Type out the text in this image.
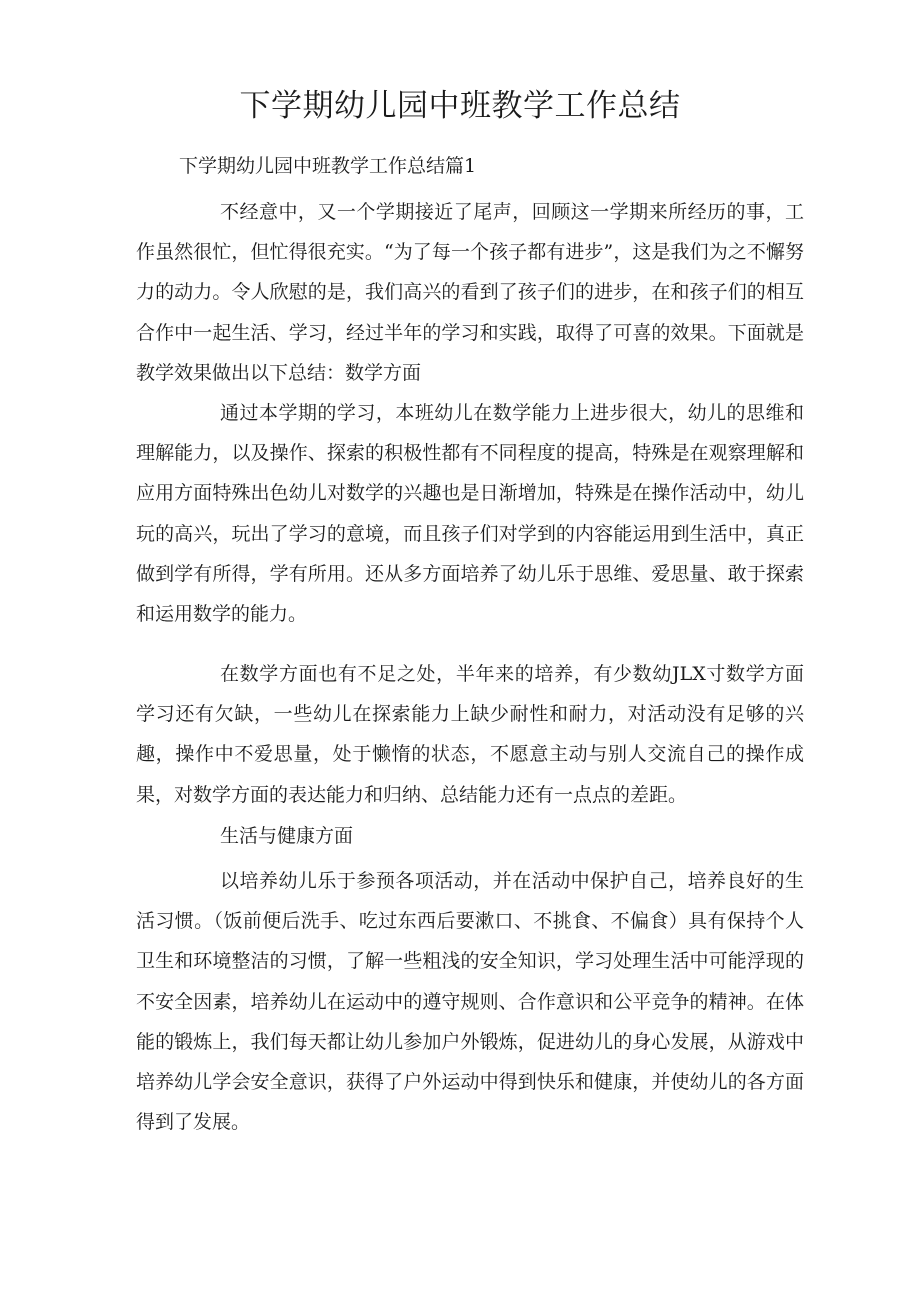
下学期幼儿园中班教学工作总结
下学期幼儿园中班教学工作总结篇1

不经意中，又一个学期接近了尾声，回顾这一学期来所经历的事，工作虽然很忙，但忙得很充实。“为了每一个孩子都有进步”，这是我们为之不懈努力的动力。令人欣慰的是，我们高兴的看到了孩子们的进步，在和孩子们的相互合作中一起生活、学习，经过半年的学习和实践，取得了可喜的效果。下面就是教学效果做出以下总结：数学方面

通过本学期的学习，本班幼儿在数学能力上进步很大，幼儿的思维和理解能力，以及操作、探索的积极性都有不同程度的提高，特殊是在观察理解和应用方面特殊出色幼儿对数学的兴趣也是日渐增加，特殊是在操作活动中，幼儿玩的高兴，玩出了学习的意境，而且孩子们对学到的内容能运用到生活中，真正做到学有所得，学有所用。还从多方面培养了幼儿乐于思维、爱思量、敢于探索和运用数学的能力。

在数学方面也有不足之处，半年来的培养，有少数幼JLX寸数学方面学习还有欠缺，一些幼儿在探索能力上缺少耐性和耐力，对活动没有足够的兴趣，操作中不爱思量，处于懒惰的状态，不愿意主动与别人交流自己的操作成果，对数学方面的表达能力和归纳、总结能力还有一点点的差距。

生活与健康方面

以培养幼儿乐于参预各项活动，并在活动中保护自己，培养良好的生活习惯。（饭前便后洗手、吃过东西后要漱口、不挑食、不偏食）具有保持个人卫生和环境整洁的习惯，了解一些粗浅的安全知识，学习处理生活中可能浮现的不安全因素，培养幼儿在运动中的遵守规则、合作意识和公平竞争的精神。在体能的锻炼上，我们每天都让幼儿参加户外锻炼，促进幼儿的身心发展，从游戏中培养幼儿学会安全意识，获得了户外运动中得到快乐和健康，并使幼儿的各方面得到了发展。
